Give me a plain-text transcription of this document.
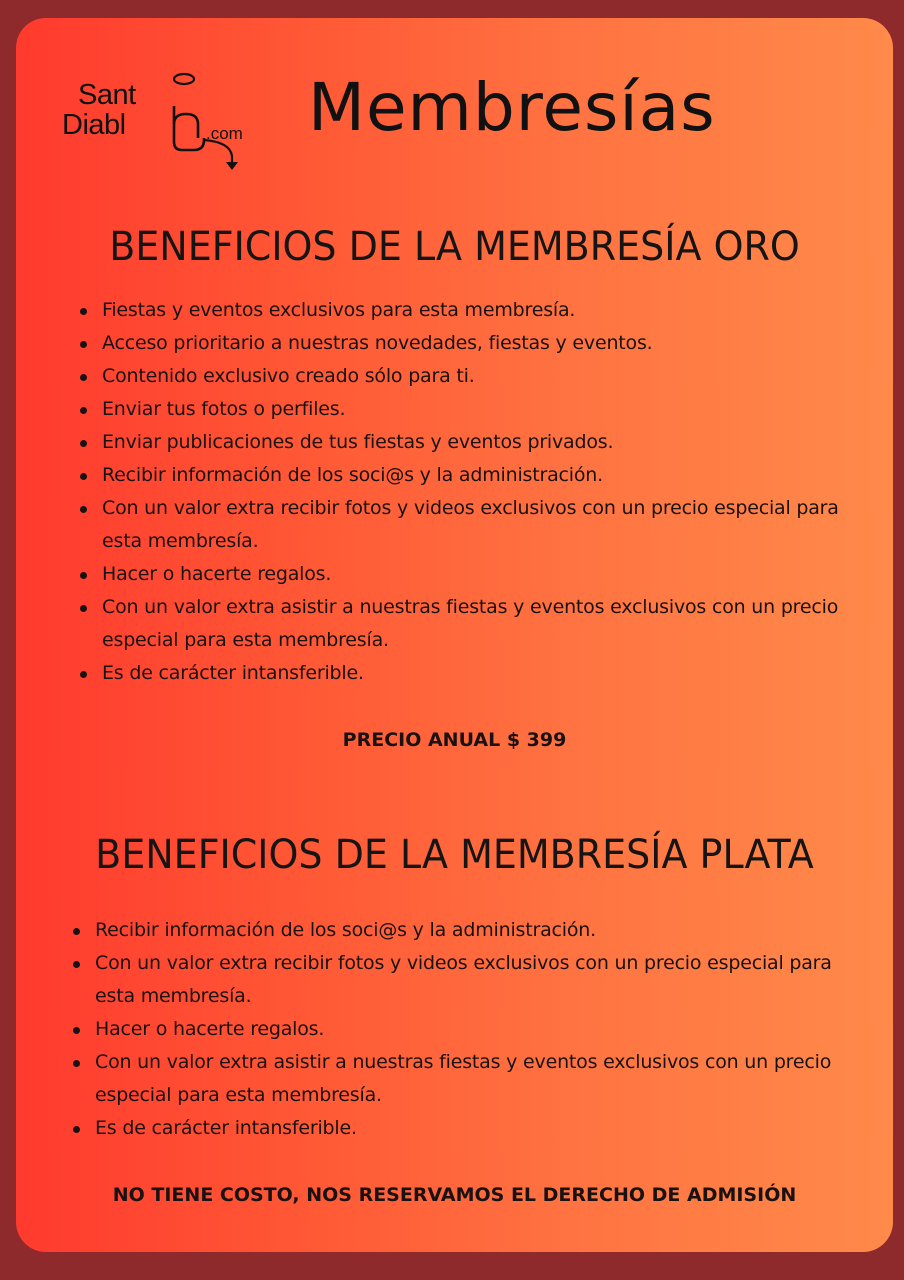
Sant
Diabl	.com Membresías
BENEFICIOS DE LA MEMBRESÍA ORO
Fiestas y eventos exclusivos para esta membresía.
Acceso prioritario a nuestras novedades, fiestas y eventos.
Contenido exclusivo creado sólo para ti.
Enviar tus fotos o perfiles.
Enviar publicaciones de tus fiestas y eventos privados.
Recibir información de los soci@s y la administración.
Con un valor extra recibir fotos y videos exclusivos con un precio especial para esta membresía.
Hacer o hacerte regalos.
Con un valor extra asistir a nuestras fiestas y eventos exclusivos con un precio especial para esta membresía.
Es de carácter intansferible.
PRECIO ANUAL $ 399
BENEFICIOS DE LA MEMBRESÍA PLATA
Recibir información de los soci@s y la administración.
Con un valor extra recibir fotos y videos exclusivos con un precio especial para esta membresía.
Hacer o hacerte regalos.
Con un valor extra asistir a nuestras fiestas y eventos exclusivos con un precio especial para esta membresía.
Es de carácter intansferible.
NO TIENE COSTO, NOS RESERVAMOS EL DERECHO DE ADMISIÓN
